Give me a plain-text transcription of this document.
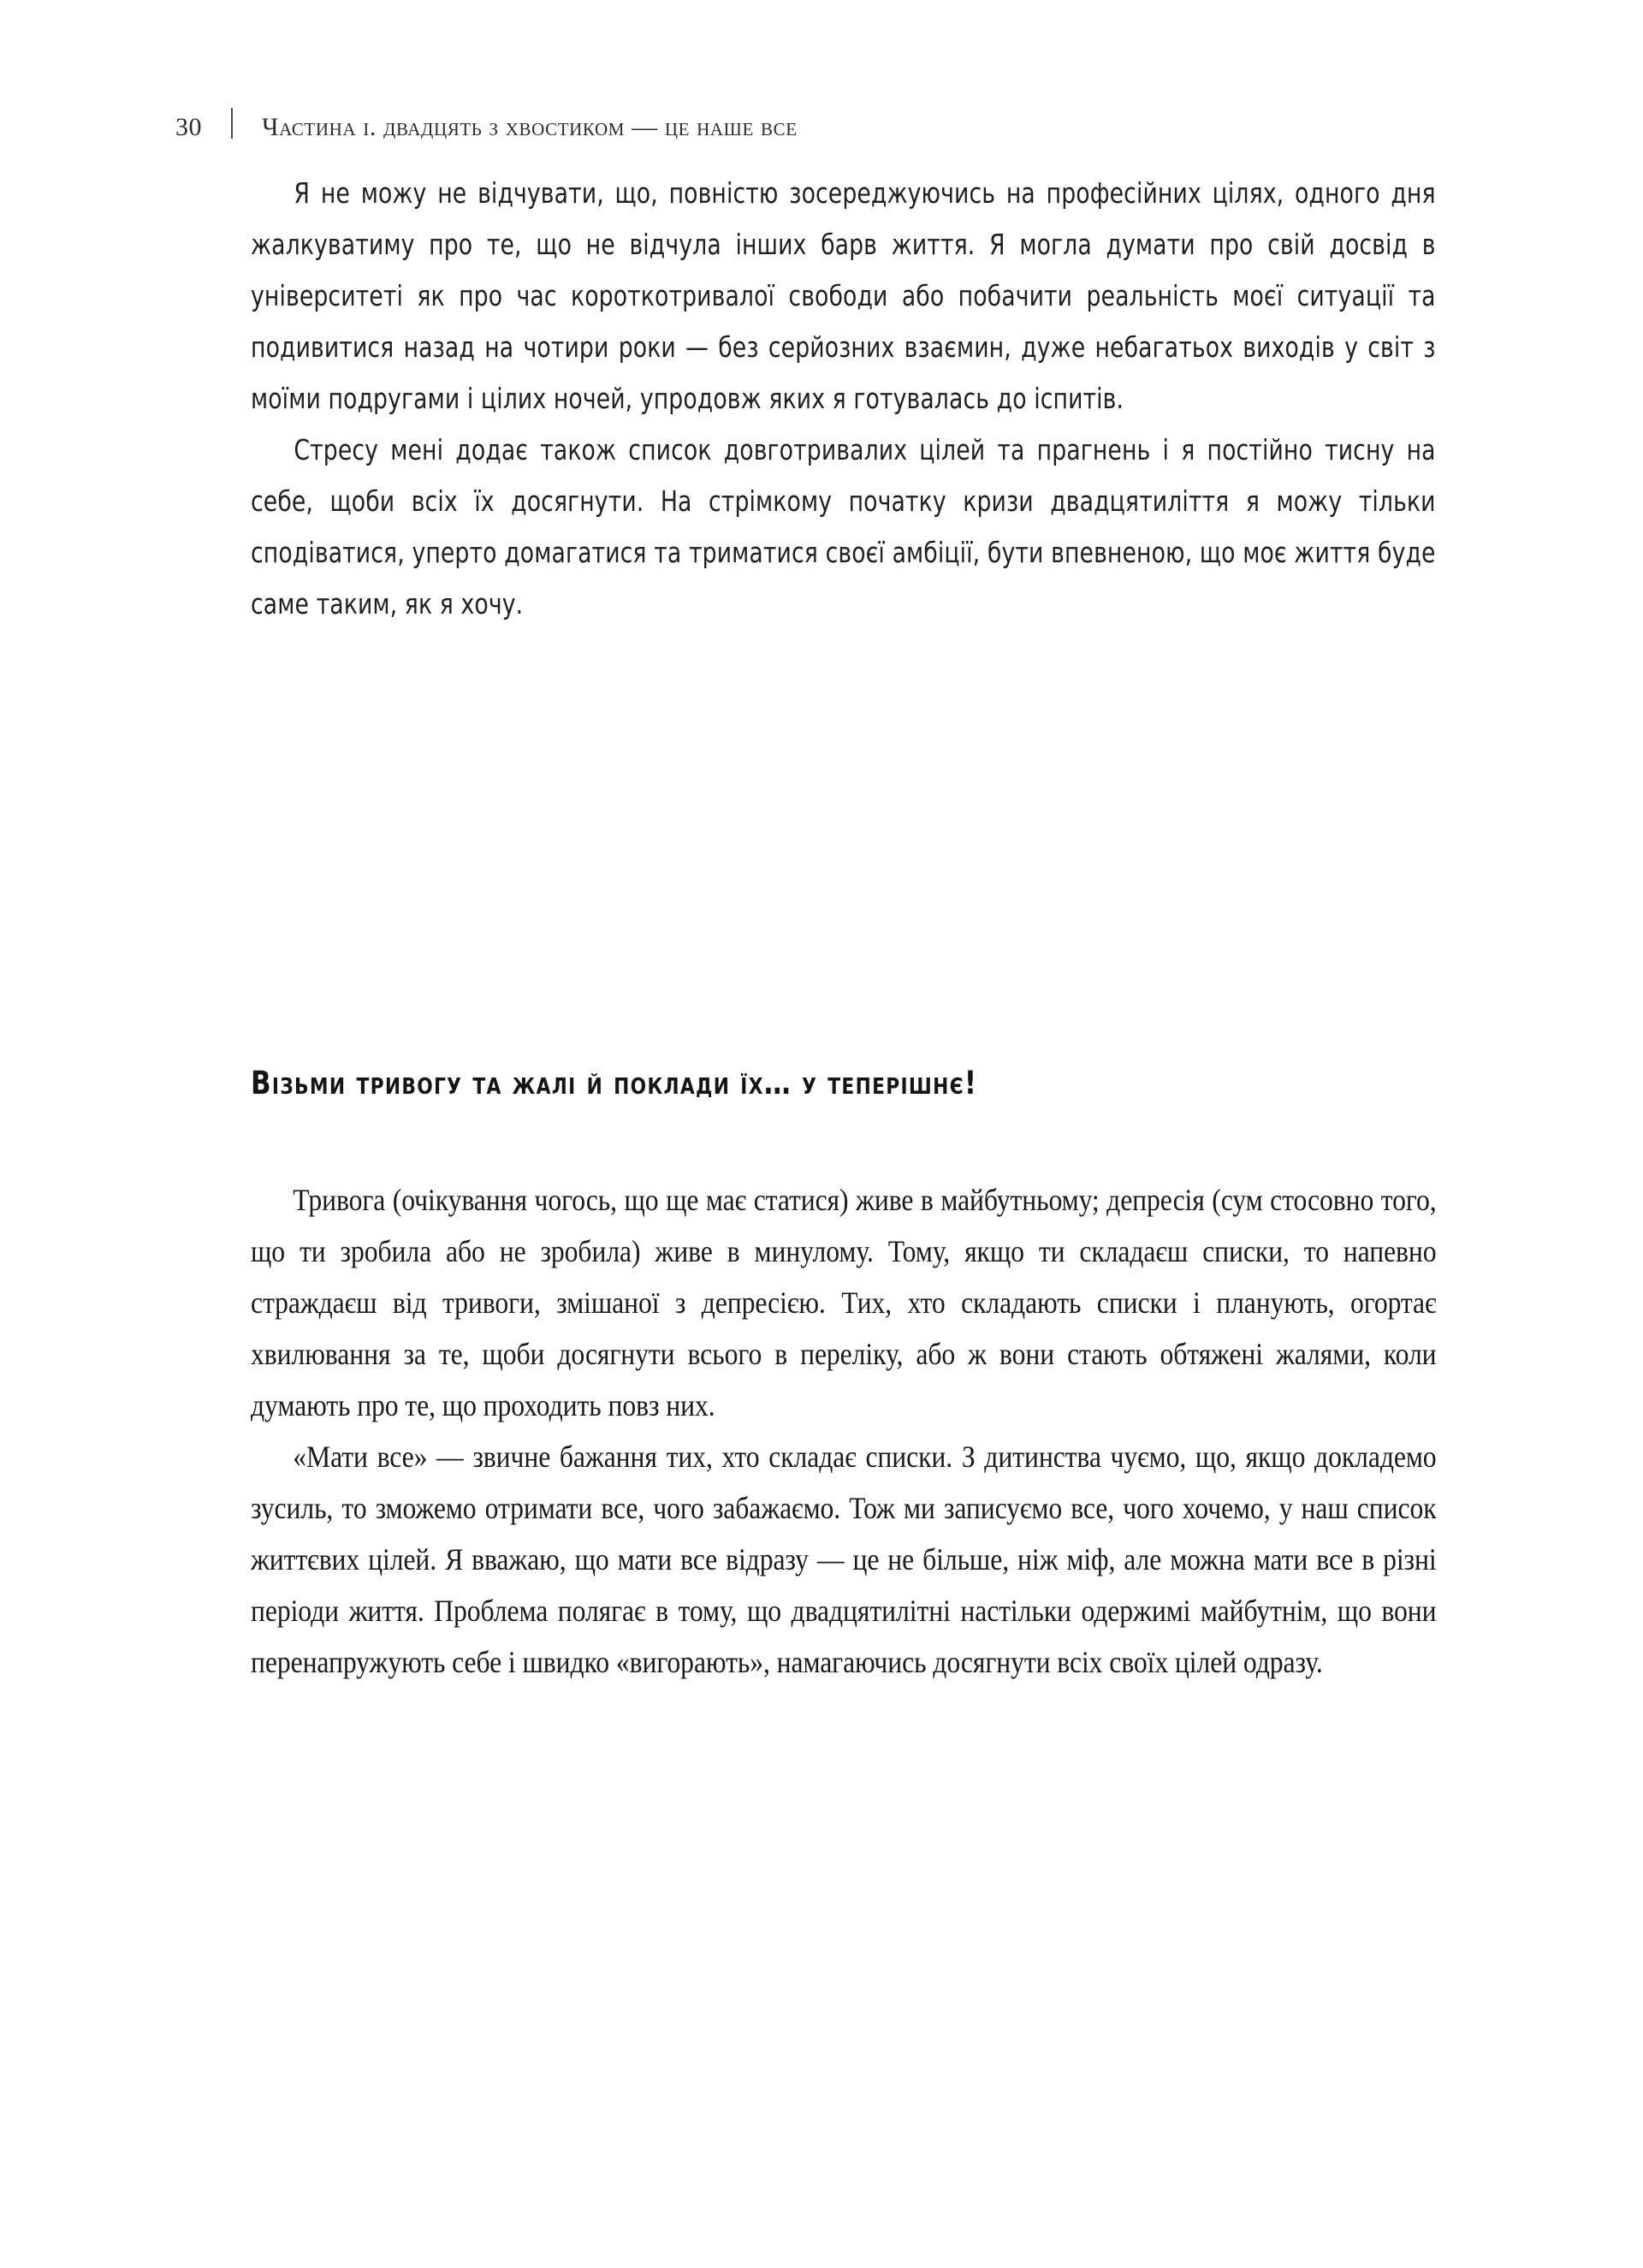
30 частина i. двадцять з хвостиком — це наше все

Я не можу не відчувати, що, повністю зосереджуючись на професійних цілях, одного дня жалкуватиму про те, що не відчула інших барв життя. Я могла думати про свій досвід в університеті як про час короткотривалої свободи або побачити реальність моєї ситуації та подивитися назад на чотири роки — без серйозних взаємин, дуже небагатьох виходів у світ з моїми подругами і цілих ночей, упродовж яких я готувалась до іспитів.

Стресу мені додає також список довготривалих цілей та прагнень і я постійно тисну на себе, щоби всіх їх досягнути. На стрімкому початку кризи двадцятиліття я можу тільки сподіватися, уперто домагатися та триматися своєї амбіції, бути впевненою, що моє життя буде саме таким, як я хочу.

Візьми тривогу та жалі й поклади їх… у теперішнє!

Тривога (очікування чогось, що ще має статися) живе в майбутньому; депресія (сум стосовно того, що ти зробила або не зробила) живе в минулому. Тому, якщо ти складаєш списки, то напевно страждаєш від тривоги, змішаної з депресією. Тих, хто складають списки і планують, огортає хвилювання за те, щоби досягнути всього в переліку, або ж вони стають обтяжені жалями, коли думають про те, що проходить повз них.

«Мати все» — звичне бажання тих, хто складає списки. З дитинства чуємо, що, якщо докладемо зусиль, то зможемо отримати все, чого забажаємо. Тож ми записуємо все, чого хочемо, у наш список життєвих цілей. Я вважаю, що мати все відразу — це не більше, ніж міф, але можна мати все в різні періоди життя. Проблема полягає в тому, що двадцятилітні настільки одержимі майбутнім, що вони перенапружують себе і швидко «вигорають», намагаючись досягнути всіх своїх цілей одразу.
